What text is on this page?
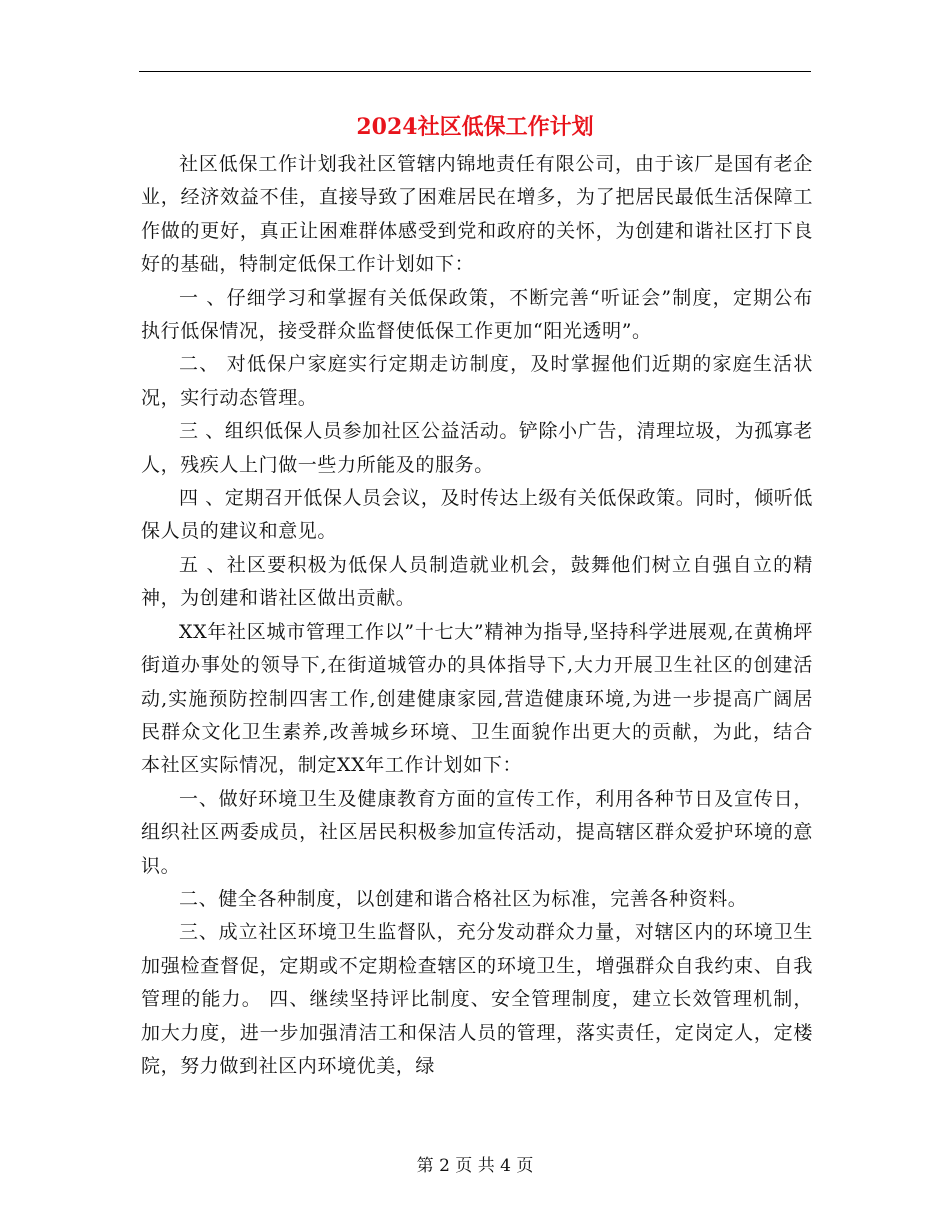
2024社区低保工作计划

社区低保工作计划我社区管辖内锦地责任有限公司，由于该厂是国有老企业，经济效益不佳，直接导致了困难居民在增多，为了把居民最低生活保障工作做的更好，真正让困难群体感受到党和政府的关怀，为创建和谐社区打下良好的基础，特制定低保工作计划如下：

一 、仔细学习和掌握有关低保政策，不断完善“听证会”制度，定期公布执行低保情况，接受群众监督使低保工作更加“阳光透明”。

二、 对低保户家庭实行定期走访制度，及时掌握他们近期的家庭生活状况，实行动态管理。

三 、组织低保人员参加社区公益活动。铲除小广告，清理垃圾，为孤寡老人，残疾人上门做一些力所能及的服务。

四 、定期召开低保人员会议，及时传达上级有关低保政策。同时，倾听低保人员的建议和意见。

五 、社区要积极为低保人员制造就业机会，鼓舞他们树立自强自立的精神，为创建和谐社区做出贡献。

XX年社区城市管理工作以”十七大”精神为指导,坚持科学进展观,在黄桷坪街道办事处的领导下,在街道城管办的具体指导下,大力开展卫生社区的创建活动,实施预防控制四害工作,创建健康家园,营造健康环境,为进一步提高广阔居民群众文化卫生素养,改善城乡环境、卫生面貌作出更大的贡献，为此，结合本社区实际情况，制定XX年工作计划如下：

一、做好环境卫生及健康教育方面的宣传工作，利用各种节日及宣传日，组织社区两委成员，社区居民积极参加宣传活动，提高辖区群众爱护环境的意识。

二、健全各种制度，以创建和谐合格社区为标准，完善各种资料。

三、成立社区环境卫生监督队，充分发动群众力量，对辖区内的环境卫生加强检查督促，定期或不定期检查辖区的环境卫生，增强群众自我约束、自我管理的能力。 四、继续坚持评比制度、安全管理制度，建立长效管理机制，加大力度，进一步加强清洁工和保洁人员的管理，落实责任，定岗定人，定楼院，努力做到社区内环境优美，绿

第 2 页 共 4 页
